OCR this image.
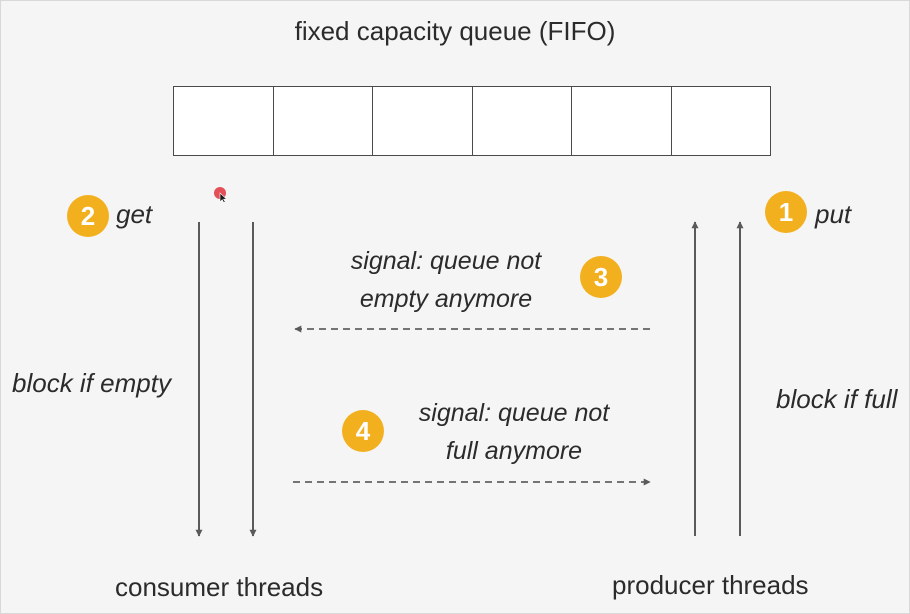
fixed capacity queue (FIFO)
2 get	1 put
signal: queue not
empty anymore
3
4
signal: queue not
full anymore
block if empty
block if full
consumer threads	producer threads
